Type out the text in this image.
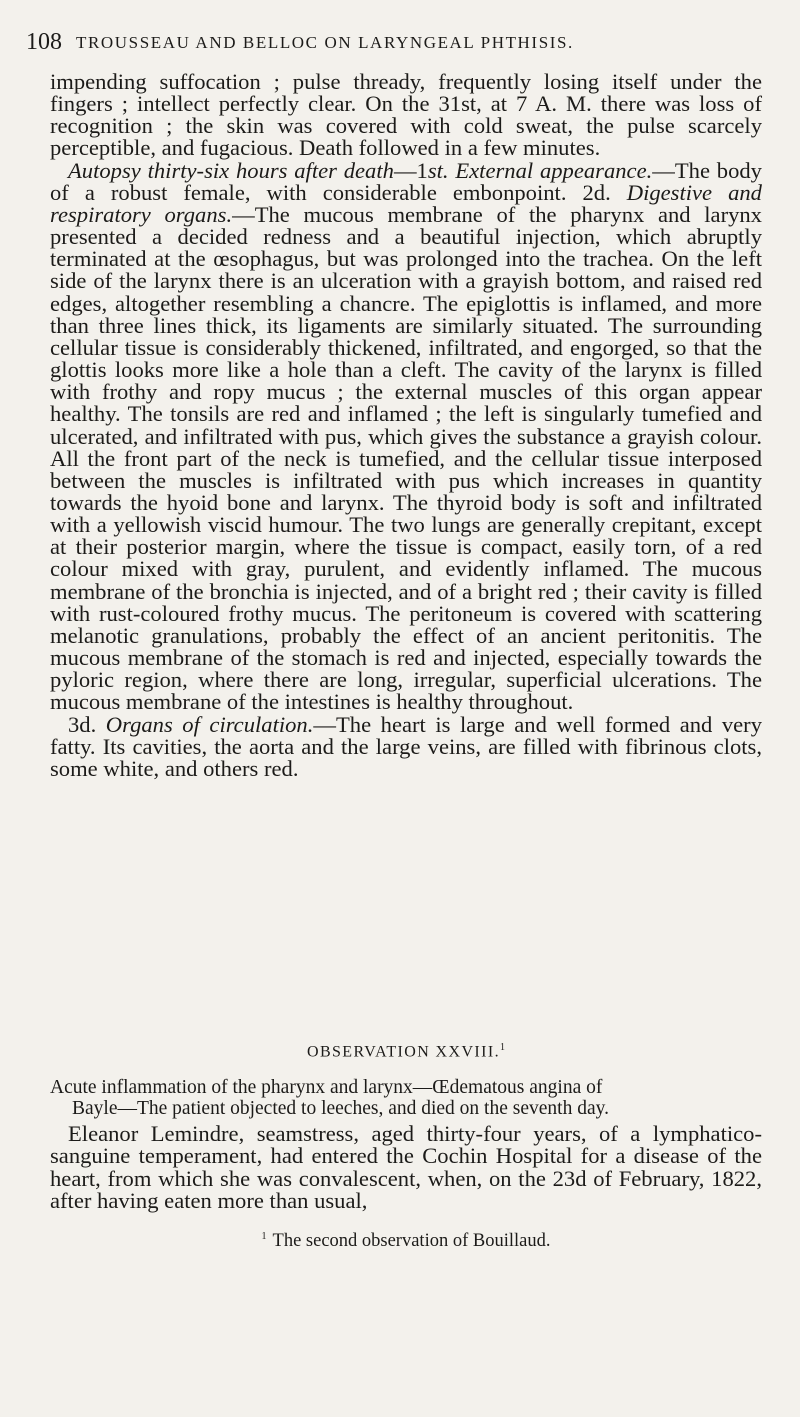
108 TROUSSEAU AND BELLOC ON LARYNGEAL PHTHISIS.

impending suffocation ; pulse thready, frequently losing itself under the fingers ; intellect perfectly clear. On the 31st, at 7 A. M. there was loss of recognition ; the skin was covered with cold sweat, the pulse scarcely perceptible, and fugacious. Death followed in a few minutes.

Autopsy thirty-six hours after death—1st. External appearance.—The body of a robust female, with considerable embonpoint. 2d. Digestive and respiratory organs.—The mucous membrane of the pharynx and larynx presented a decided redness and a beautiful injection, which abruptly terminated at the œsophagus, but was prolonged into the trachea. On the left side of the larynx there is an ulceration with a grayish bottom, and raised red edges, altogether resembling a chancre. The epiglottis is inflamed, and more than three lines thick, its ligaments are similarly situated. The surrounding cellular tissue is considerably thickened, infiltrated, and engorged, so that the glottis looks more like a hole than a cleft. The cavity of the larynx is filled with frothy and ropy mucus ; the external muscles of this organ appear healthy. The tonsils are red and inflamed ; the left is singularly tumefied and ulcerated, and infiltrated with pus, which gives the substance a grayish colour. All the front part of the neck is tumefied, and the cellular tissue interposed between the muscles is infiltrated with pus which increases in quantity towards the hyoid bone and larynx. The thyroid body is soft and infiltrated with a yellowish viscid humour. The two lungs are generally crepitant, except at their posterior margin, where the tissue is compact, easily torn, of a red colour mixed with gray, purulent, and evidently inflamed. The mucous membrane of the bronchia is injected, and of a bright red ; their cavity is filled with rust-coloured frothy mucus. The peritoneum is covered with scattering melanotic granulations, probably the effect of an ancient peritonitis. The mucous membrane of the stomach is red and injected, especially towards the pyloric region, where there are long, irregular, superficial ulcerations. The mucous membrane of the intestines is healthy throughout.

3d. Organs of circulation.—The heart is large and well formed and very fatty. Its cavities, the aorta and the large veins, are filled with fibrinous clots, some white, and others red.

OBSERVATION XXVIII.$^1$
Acute inflammation of the pharynx and larynx—Œdematous angina of
Bayle—The patient objected to leeches, and died on the seventh day.

Eleanor Lemindre, seamstress, aged thirty-four years, of a lymphatico-sanguine temperament, had entered the Cochin Hospital for a disease of the heart, from which she was convalescent, when, on the 23d of February, 1822, after having eaten more than usual,

$^1$ The second observation of Bouillaud.
